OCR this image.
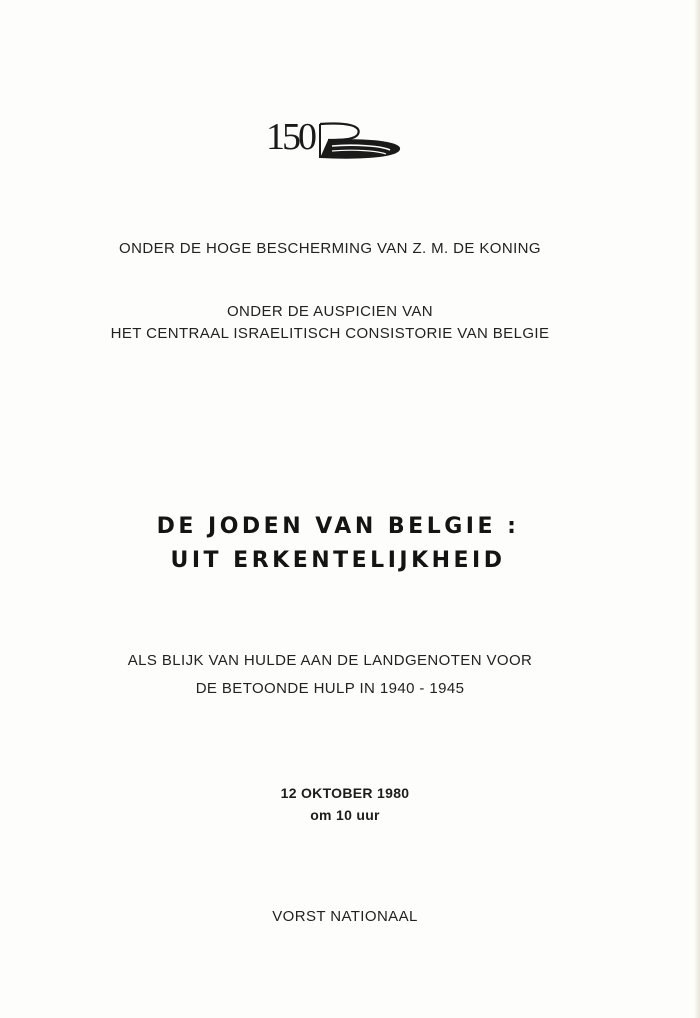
150
ONDER DE HOGE BESCHERMING VAN Z. M. DE KONING
ONDER DE AUSPICIEN VAN
HET CENTRAAL ISRAELITISCH CONSISTORIE VAN BELGIE
DE JODEN VAN BELGIE :
UIT ERKENTELIJKHEID
ALS BLIJK VAN HULDE AAN DE LANDGENOTEN VOOR
DE BETOONDE HULP IN 1940 - 1945
12 OKTOBER 1980
om 10 uur
VORST NATIONAAL
